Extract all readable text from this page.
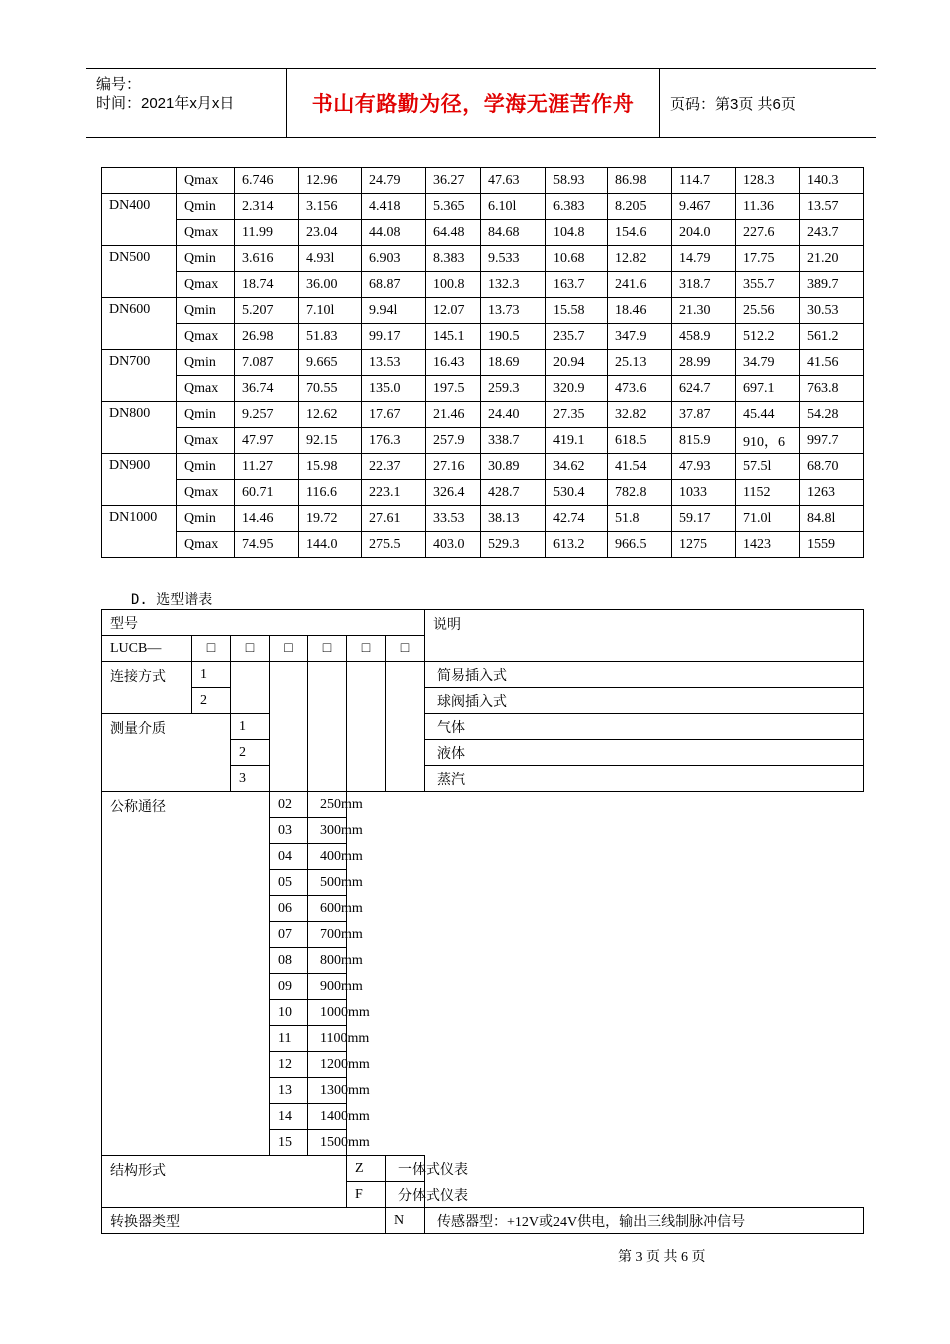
编号：
时间：2021年x月x日	书山有路勤为径，学海无涯苦作舟 页码：第3页 共6页
	Qmax	6.746	12.96	24.79	36.27	47.63	58.93	86.98	114.7	128.3	140.3
DN400	Qmin	2.314	3.156	4.418	5.365	6.10l	6.383	8.205	9.467	11.36	13.57
	Qmax	11.99	23.04	44.08	64.48	84.68	104.8	154.6	204.0	227.6	243.7
DN500	Qmin	3.616	4.93l	6.903	8.383	9.533	10.68	12.82	14.79	17.75	21.20
	Qmax	18.74	36.00	68.87	100.8	132.3	163.7	241.6	318.7	355.7	389.7
DN600	Qmin	5.207	7.10l	9.94l	12.07	13.73	15.58	18.46	21.30	25.56	30.53
	Qmax	26.98	51.83	99.17	145.1	190.5	235.7	347.9	458.9	512.2	561.2
DN700	Qmin	7.087	9.665	13.53	16.43	18.69	20.94	25.13	28.99	34.79	41.56
	Qmax	36.74	70.55	135.0	197.5	259.3	320.9	473.6	624.7	697.1	763.8
DN800	Qmin	9.257	12.62	17.67	21.46	24.40	27.35	32.82	37.87	45.44	54.28
	Qmax	47.97	92.15	176.3	257.9	338.7	419.1	618.5	815.9	910，6	997.7
DN900	Qmin	11.27	15.98	22.37	27.16	30.89	34.62	41.54	47.93	57.5l	68.70
	Qmax	60.71	116.6	223.1	326.4	428.7	530.4	782.8	1033	1152	1263
DN1000	Qmin	14.46	19.72	27.61	33.53	38.13	42.74	51.8	59.17	71.0l	84.8l
	Qmax	74.95	144.0	275.5	403.0	529.3	613.2	966.5	1275	1423	1559
D. 选型谱表
型号							说明
LUCB—	□	□	□	□	□	□	
连接方式	1						简易插入式
	2						球阀插入式
测量介质		1					气体
		2					液体
		3					蒸汽
公称通径			02	250mm			
			03	300mm			
			04	400mm			
			05	500mm			
			06	600mm			
			07	700mm			
			08	800mm			
			09	900mm			
			10	1000mm			
			11	1100mm			
			12	1200mm			
			13	1300mm			
			14	1400mm			
			15	1500mm			
结构形式					Z	一体式仪表	
					F	分体式仪表	
转换器类型						N	传感器型：+12V或24V供电，输出三线制脉冲信号
第 3 页 共 6 页
